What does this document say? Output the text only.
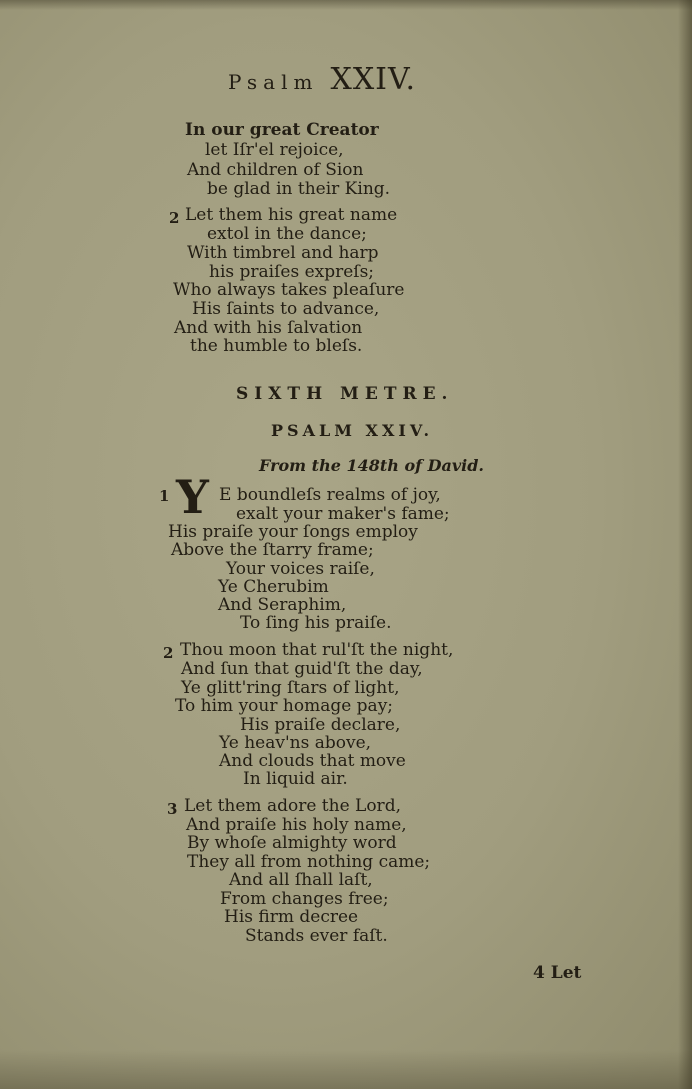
Psalm XXIV.
In our great Creator
let Iſr'el rejoice,
And children of Sion
be glad in their King.
2 Let them his great name
extol in the dance;
With timbrel and harp
his praiſes expreſs;
Who always takes pleaſure
His ſaints to advance,
And with his ſalvation
the humble to bleſs.
SIXTH METRE.
PSALM XXIV.
From the 148th of David.
1 Y E boundleſs realms of joy,
exalt your maker's fame;
His praiſe your ſongs employ
Above the ſtarry frame;
Your voices raiſe,
Ye Cherubim
And Seraphim,
To ſing his praiſe.
2 Thou moon that rul'ſt the night,
And ſun that guid'ſt the day,
Ye glitt'ring ſtars of light,
To him your homage pay;
His praiſe declare,
Ye heav'ns above,
And clouds that move
In liquid air.
3 Let them adore the Lord,
And praiſe his holy name,
By whoſe almighty word
They all from nothing came;
And all ſhall laſt,
From changes free;
His firm decree
Stands ever faſt.
4 Let
